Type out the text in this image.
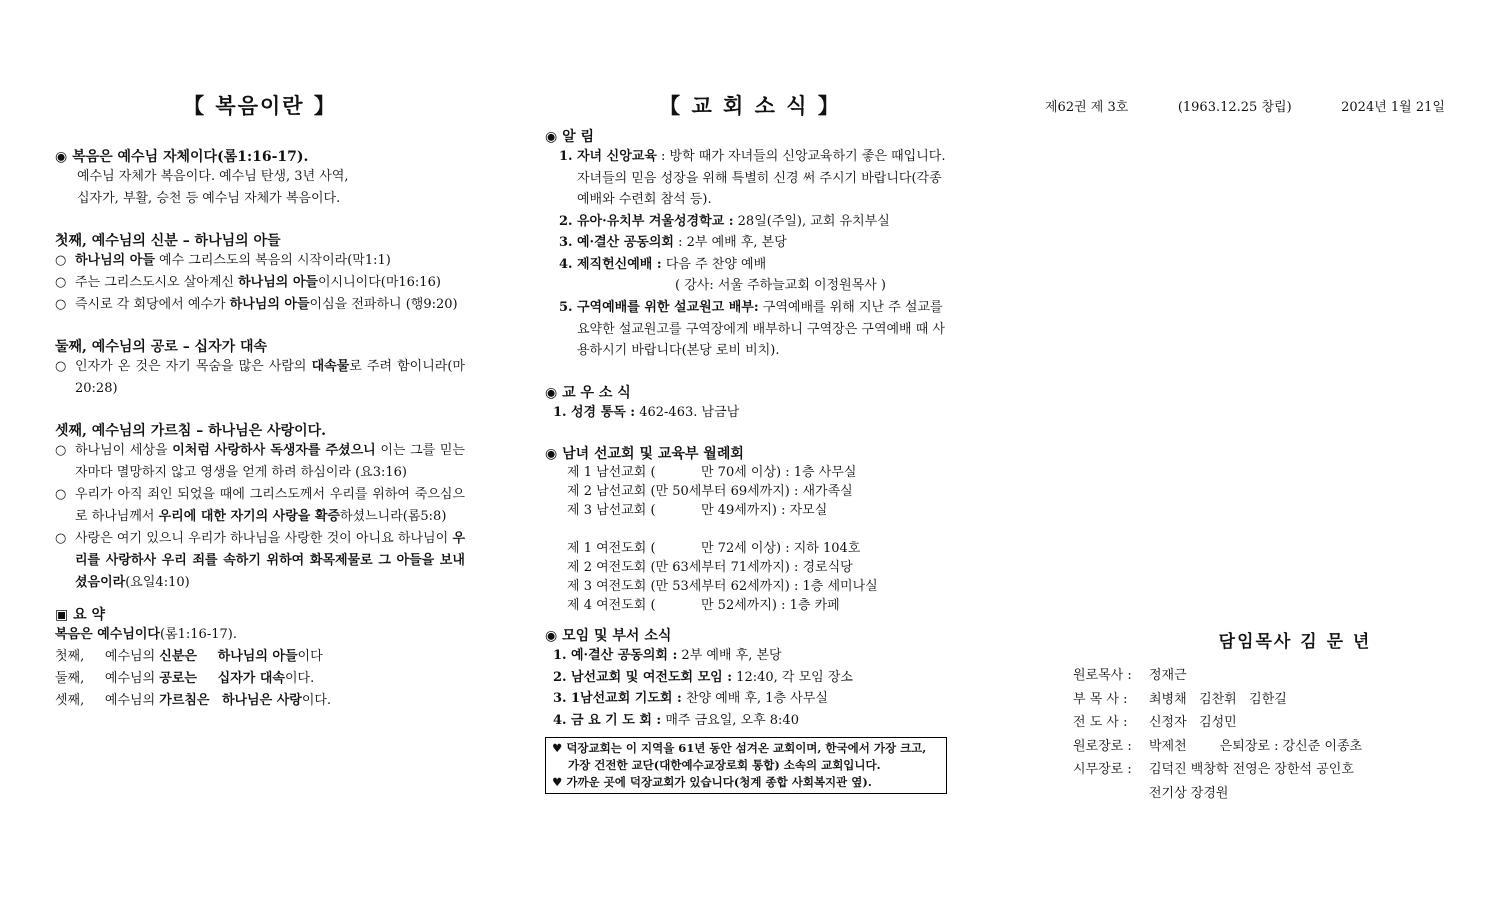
【 복음이란 】
◉ 복음은 예수님 자체이다(롬1:16-17).
예수님 자체가 복음이다. 예수님 탄생, 3년 사역,
십자가, 부활, 승천 등 예수님 자체가 복음이다.
첫째, 예수님의 신분 – 하나님의 아들
○ 하나님의 아들 예수 그리스도의 복음의 시작이라(막1:1)
○ 주는 그리스도시오 살아계신 하나님의 아들이시니이다(마16:16)
○ 즉시로 각 회당에서 예수가 하나님의 아들이심을 전파하니 (행9:20)
둘째, 예수님의 공로 – 십자가 대속
○ 인자가 온 것은 자기 목숨을 많은 사람의 대속물로 주려 함이니라(마20:28)
셋째, 예수님의 가르침 – 하나님은 사랑이다.
○ 하나님이 세상을 이처럼 사랑하사 독생자를 주셨으니 이는 그를 믿는 자마다 멸망하지 않고 영생을 얻게 하려 하심이라 (요3:16)
○ 우리가 아직 죄인 되었을 때에 그리스도께서 우리를 위하여 죽으심으로 하나님께서 우리에 대한 자기의 사랑을 확증하셨느니라(롬5:8)
○ 사랑은 여기 있으니 우리가 하나님을 사랑한 것이 아니요 하나님이 우리를 사랑하사 우리 죄를 속하기 위하여 화목제물로 그 아들을 보내셨음이라(요일4:10)
▣ 요 약
복음은 예수님이다(롬1:16-17).
첫째, 예수님의 신분은 하나님의 아들이다
둘째, 예수님의 공로는 십자가 대속이다.
셋째, 예수님의 가르침은 하나님은 사랑이다.
【 교 회 소 식 】
◉ 알 림
1. 자녀 신앙교육 : 방학 때가 자녀들의 신앙교육하기 좋은 때입니다. 자녀들의 믿음 성장을 위해 특별히 신경 써 주시기 바랍니다(각종 예배와 수련회 참석 등).
2. 유아·유치부 겨울성경학교 : 28일(주일), 교회 유치부실
3. 예·결산 공동의회 : 2부 예배 후, 본당
4. 제직헌신예배 : 다음 주 찬양 예배
( 강사: 서울 주하늘교회 이정원목사 )
5. 구역예배를 위한 설교원고 배부: 구역예배를 위해 지난 주 설교를 요약한 설교원고를 구역장에게 배부하니 구역장은 구역예배 때 사용하시기 바랍니다(본당 로비 비치).
◉ 교 우 소 식
1. 성경 통독 : 462-463. 남금남
◉ 남녀 선교회 및 교육부 월례회
제 1 남선교회 (           만 70세 이상) : 1층 사무실
제 2 남선교회 (만 50세부터 69세까지) : 새가족실
제 3 남선교회 (           만 49세까지) : 자모실
제 1 여전도회 (           만 72세 이상) : 지하 104호
제 2 여전도회 (만 63세부터 71세까지) : 경로식당
제 3 여전도회 (만 53세부터 62세까지) : 1층 세미나실
제 4 여전도회 (           만 52세까지) : 1층 카페
◉ 모임 및 부서 소식
1. 예·결산 공동의회 : 2부 예배 후, 본당
2. 남선교회 및 여전도회 모임 : 12:40, 각 모임 장소
3. 1남선교회 기도회 : 찬양 예배 후, 1층 사무실
4. 금 요 기 도 회 : 매주 금요일, 오후 8:40
♥ 덕장교회는 이 지역을 61년 동안 섬겨온 교회이며, 한국에서 가장 크고,
가장 건전한 교단(대한예수교장로회 통합) 소속의 교회입니다.
♥ 가까운 곳에 덕장교회가 있습니다(청계 종합 사회복지관 옆).
제62권 제 3호	(1963.12.25 창립)	2024년 1월 21일
담임목사 김 문 년
원로목사 :	정재근
부 목 사 :	최병채   김찬휘   김한길
전 도 사 :	신정자   김성민
원로장로 :	박제천        은퇴장로 : 강신준 이종초
시무장로 :	김덕진 백창학 전영은 장한석 공인호
전기상 장경원
